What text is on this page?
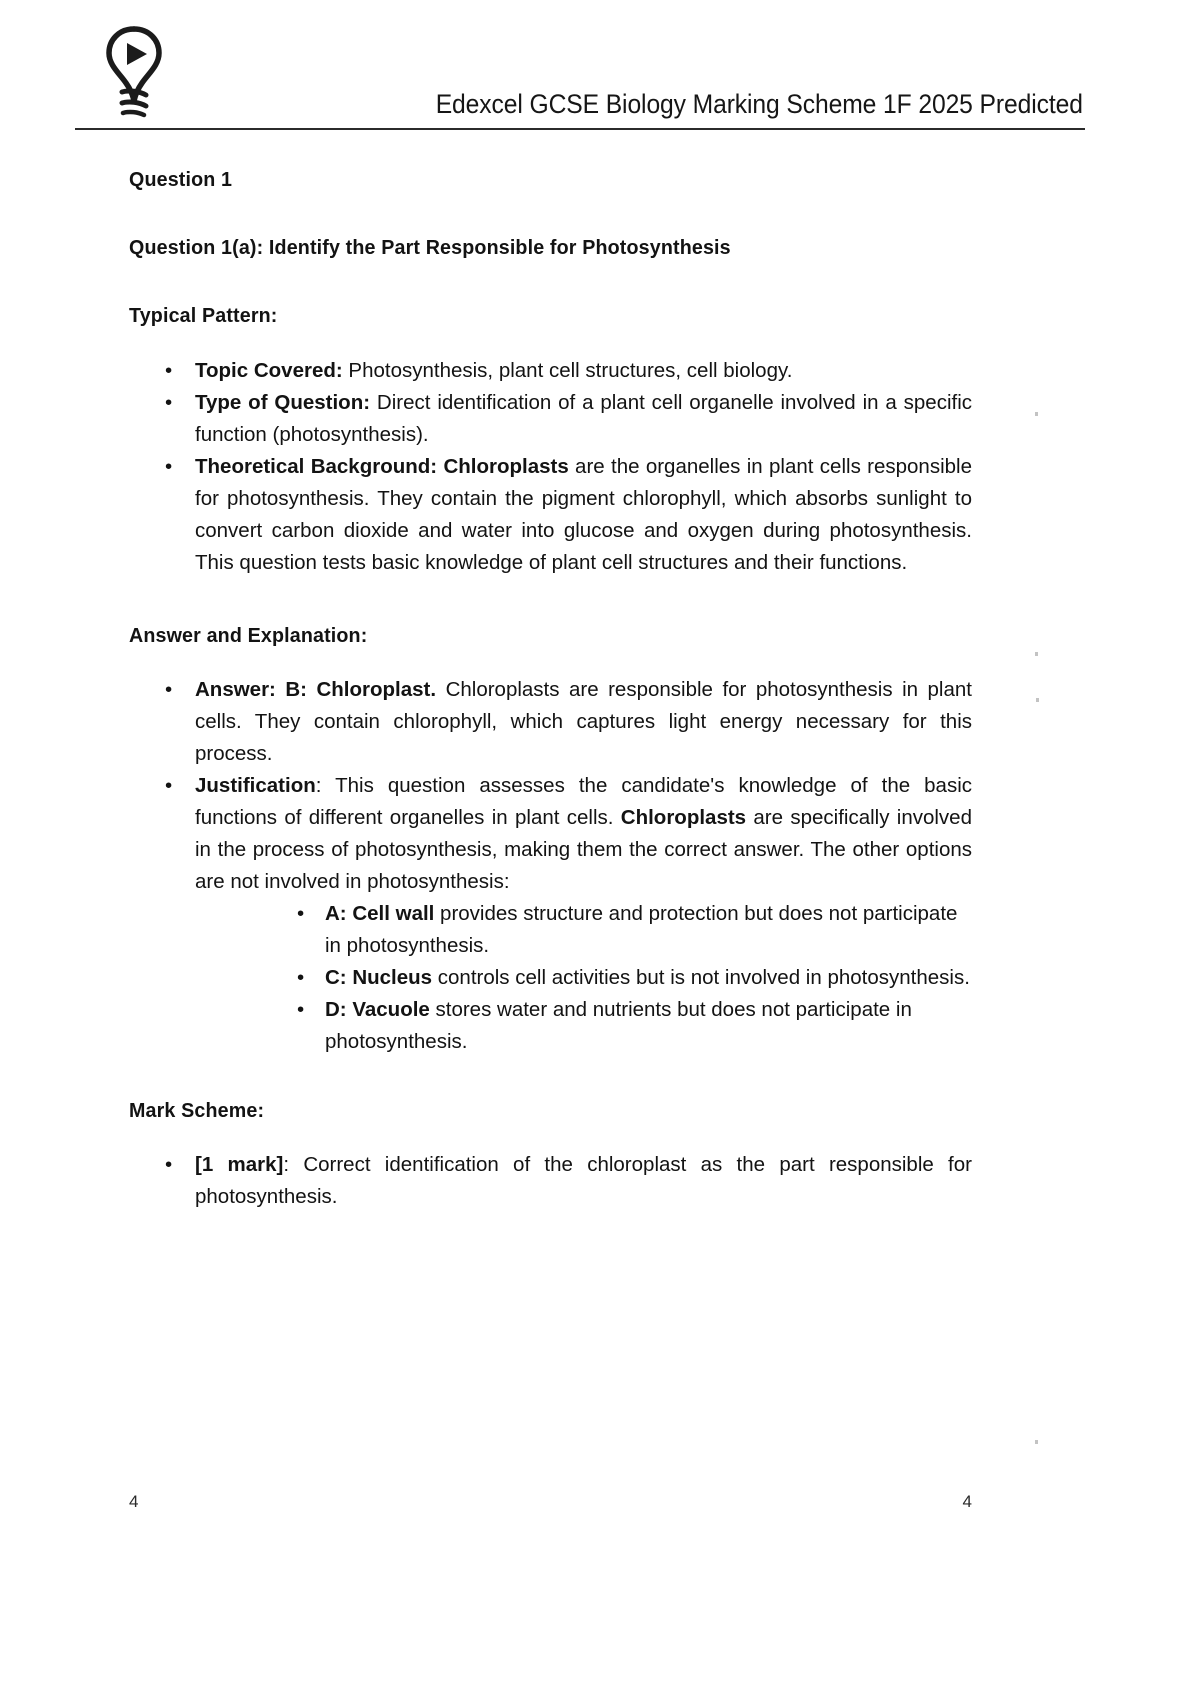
Edexcel GCSE Biology Marking Scheme 1F 2025 Predicted
Question 1
Question 1(a): Identify the Part Responsible for Photosynthesis
Typical Pattern:
• Topic Covered: Photosynthesis, plant cell structures, cell biology.
• Type of Question: Direct identification of a plant cell organelle involved in a specific function (photosynthesis).
• Theoretical Background: Chloroplasts are the organelles in plant cells responsible for photosynthesis. They contain the pigment chlorophyll, which absorbs sunlight to convert carbon dioxide and water into glucose and oxygen during photosynthesis. This question tests basic knowledge of plant cell structures and their functions.
Answer and Explanation:
• Answer: B: Chloroplast. Chloroplasts are responsible for photosynthesis in plant cells. They contain chlorophyll, which captures light energy necessary for this process.
• Justification: This question assesses the candidate's knowledge of the basic functions of different organelles in plant cells. Chloroplasts are specifically involved in the process of photosynthesis, making them the correct answer. The other options are not involved in photosynthesis:
• A: Cell wall provides structure and protection but does not participate in photosynthesis.
• C: Nucleus controls cell activities but is not involved in photosynthesis.
• D: Vacuole stores water and nutrients but does not participate in photosynthesis.
Mark Scheme:
• [1 mark]: Correct identification of the chloroplast as the part responsible for photosynthesis.
4	4
